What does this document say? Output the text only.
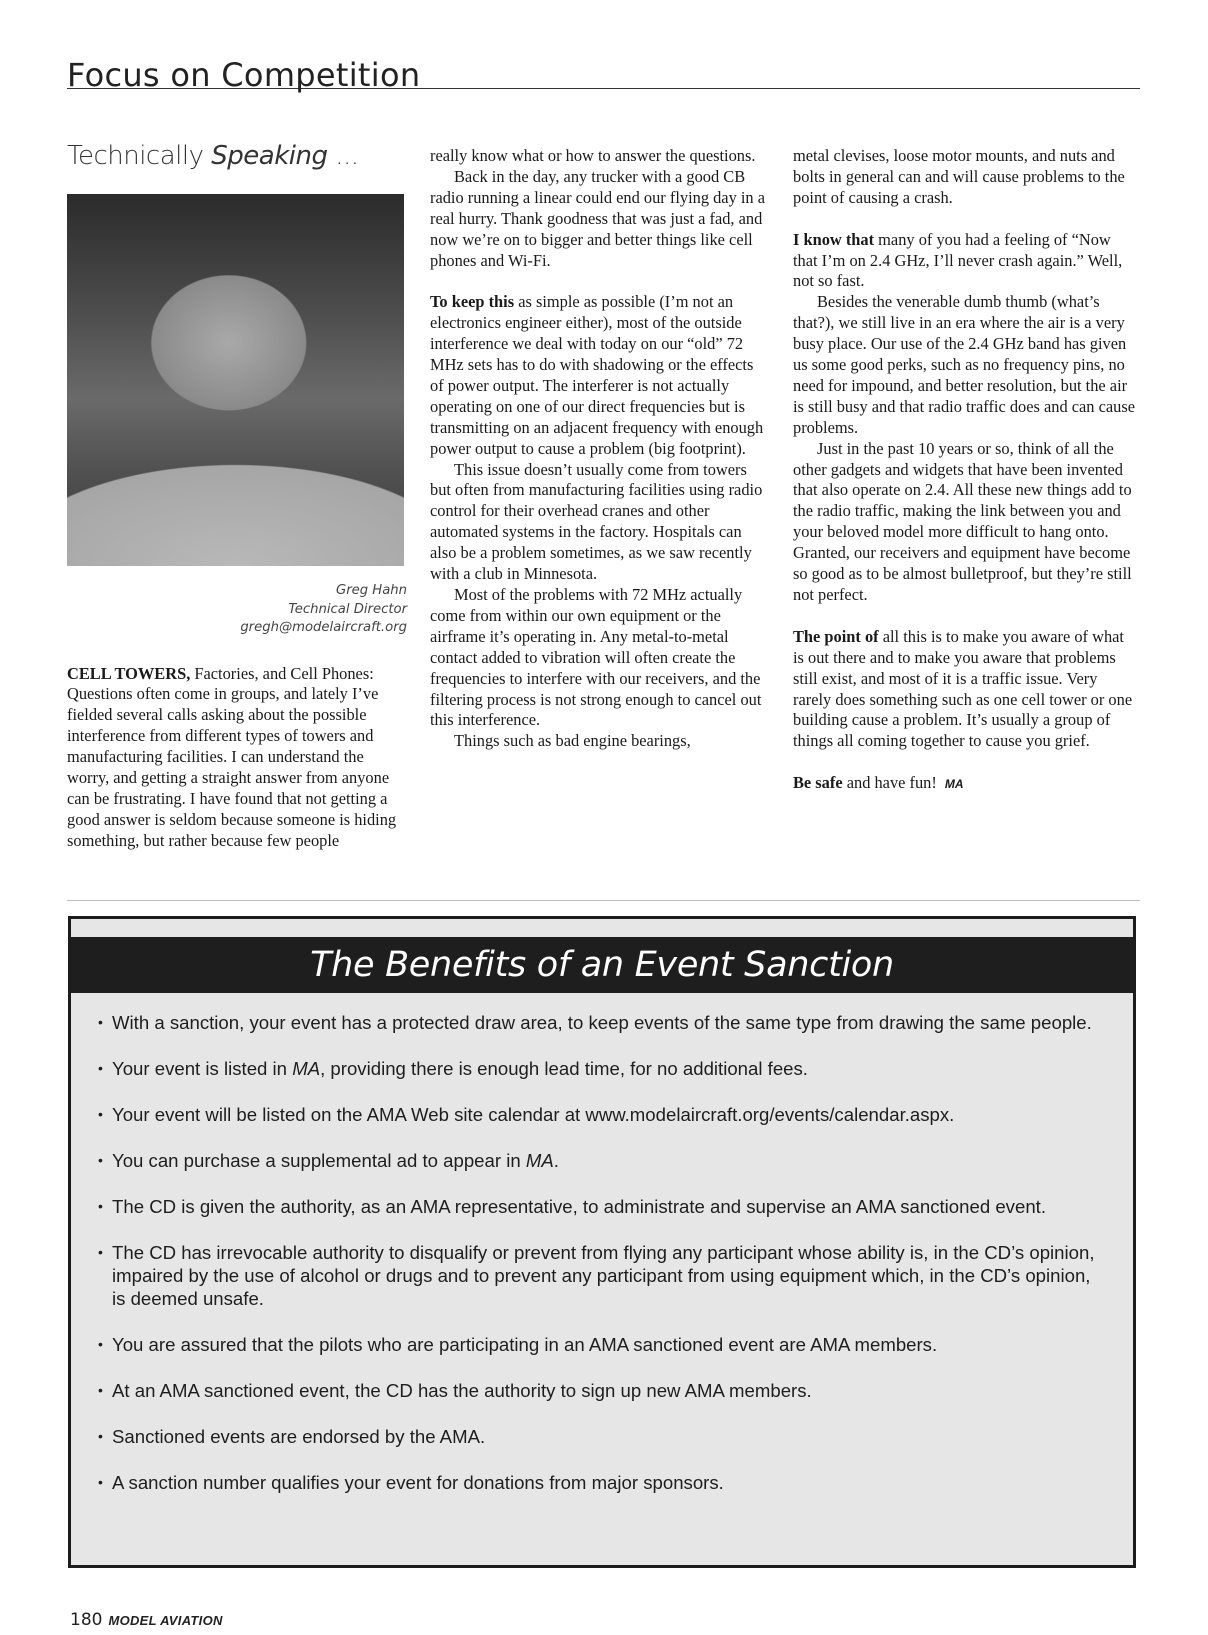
Focus on Competition
Technically Speaking ...
Greg Hahn
Technical Director
gregh@modelaircraft.org

CELL TOWERS, Factories, and Cell Phones: Questions often come in groups, and lately I’ve fielded several calls asking about the possible interference from different types of towers and manufacturing facilities. I can understand the worry, and getting a straight answer from anyone can be frustrating. I have found that not getting a good answer is seldom because someone is hiding something, but rather because few people

really know what or how to answer the questions.

Back in the day, any trucker with a good CB radio running a linear could end our flying day in a real hurry. Thank goodness that was just a fad, and now we’re on to bigger and better things like cell phones and Wi-Fi.

To keep this as simple as possible (I’m not an electronics engineer either), most of the outside interference we deal with today on our “old” 72 MHz sets has to do with shadowing or the effects of power output. The interferer is not actually operating on one of our direct frequencies but is transmitting on an adjacent frequency with enough power output to cause a problem (big footprint).

This issue doesn’t usually come from towers but often from manufacturing facilities using radio control for their overhead cranes and other automated systems in the factory. Hospitals can also be a problem sometimes, as we saw recently with a club in Minnesota.

Most of the problems with 72 MHz actually come from within our own equipment or the airframe it’s operating in. Any metal-to-metal contact added to vibration will often create the frequencies to interfere with our receivers, and the filtering process is not strong enough to cancel out this interference.

Things such as bad engine bearings,

metal clevises, loose motor mounts, and nuts and bolts in general can and will cause problems to the point of causing a crash.

I know that many of you had a feeling of “Now that I’m on 2.4 GHz, I’ll never crash again.” Well, not so fast.

Besides the venerable dumb thumb (what’s that?), we still live in an era where the air is a very busy place. Our use of the 2.4 GHz band has given us some good perks, such as no frequency pins, no need for impound, and better resolution, but the air is still busy and that radio traffic does and can cause problems.

Just in the past 10 years or so, think of all the other gadgets and widgets that have been invented that also operate on 2.4. All these new things add to the radio traffic, making the link between you and your beloved model more difficult to hang onto. Granted, our receivers and equipment have become so good as to be almost bulletproof, but they’re still not perfect.

The point of all this is to make you aware of what is out there and to make you aware that problems still exist, and most of it is a traffic issue. Very rarely does something such as one cell tower or one building cause a problem. It’s usually a group of things all coming together to cause you grief.

Be safe and have fun! MA

The Benefits of an Event Sanction
• With a sanction, your event has a protected draw area, to keep events of the same type from drawing the same people.
• Your event is listed in MA, providing there is enough lead time, for no additional fees.
• Your event will be listed on the AMA Web site calendar at www.modelaircraft.org/events/calendar.aspx.
• You can purchase a supplemental ad to appear in MA.
• The CD is given the authority, as an AMA representative, to administrate and supervise an AMA sanctioned event.
• The CD has irrevocable authority to disqualify or prevent from flying any participant whose ability is, in the CD’s opinion, impaired by the use of alcohol or drugs and to prevent any participant from using equipment which, in the CD’s opinion, is deemed unsafe.
• You are assured that the pilots who are participating in an AMA sanctioned event are AMA members.
• At an AMA sanctioned event, the CD has the authority to sign up new AMA members.
• Sanctioned events are endorsed by the AMA.
• A sanction number qualifies your event for donations from major sponsors.
180 MODEL AVIATION
